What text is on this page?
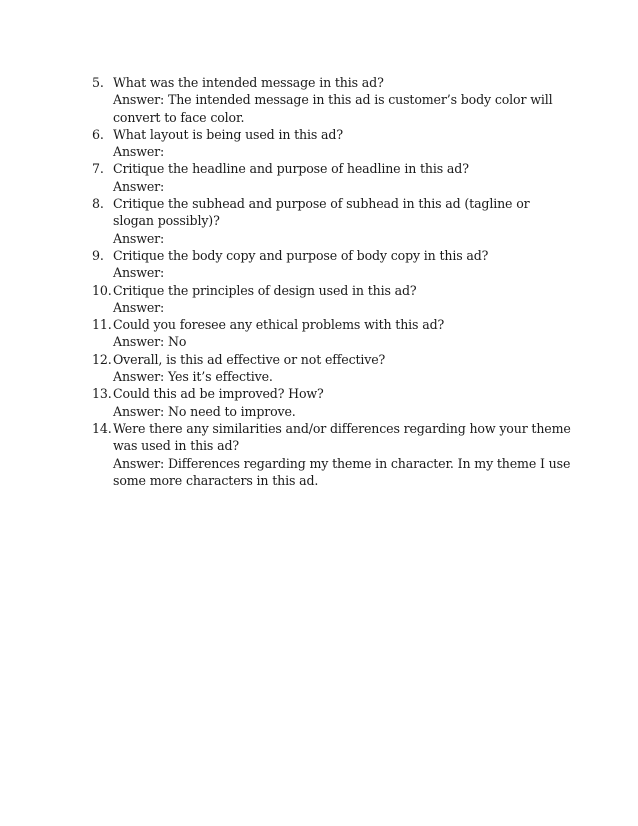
5. What was the intended message in this ad?
Answer: The intended message in this ad is customer’s body color will convert to face color.
6. What layout is being used in this ad?
Answer:
7. Critique the headline and purpose of headline in this ad?
Answer:
8. Critique the subhead and purpose of subhead in this ad (tagline or slogan possibly)?
Answer:
9. Critique the body copy and purpose of body copy in this ad?
Answer:
10. Critique the principles of design used in this ad?
Answer:
11. Could you foresee any ethical problems with this ad?
Answer: No
12. Overall, is this ad effective or not effective?
Answer: Yes it’s effective.
13. Could this ad be improved? How?
Answer: No need to improve.
14. Were there any similarities and/or differences regarding how your theme was used in this ad?
Answer: Differences regarding my theme in character. In my theme I use some more characters in this ad.
